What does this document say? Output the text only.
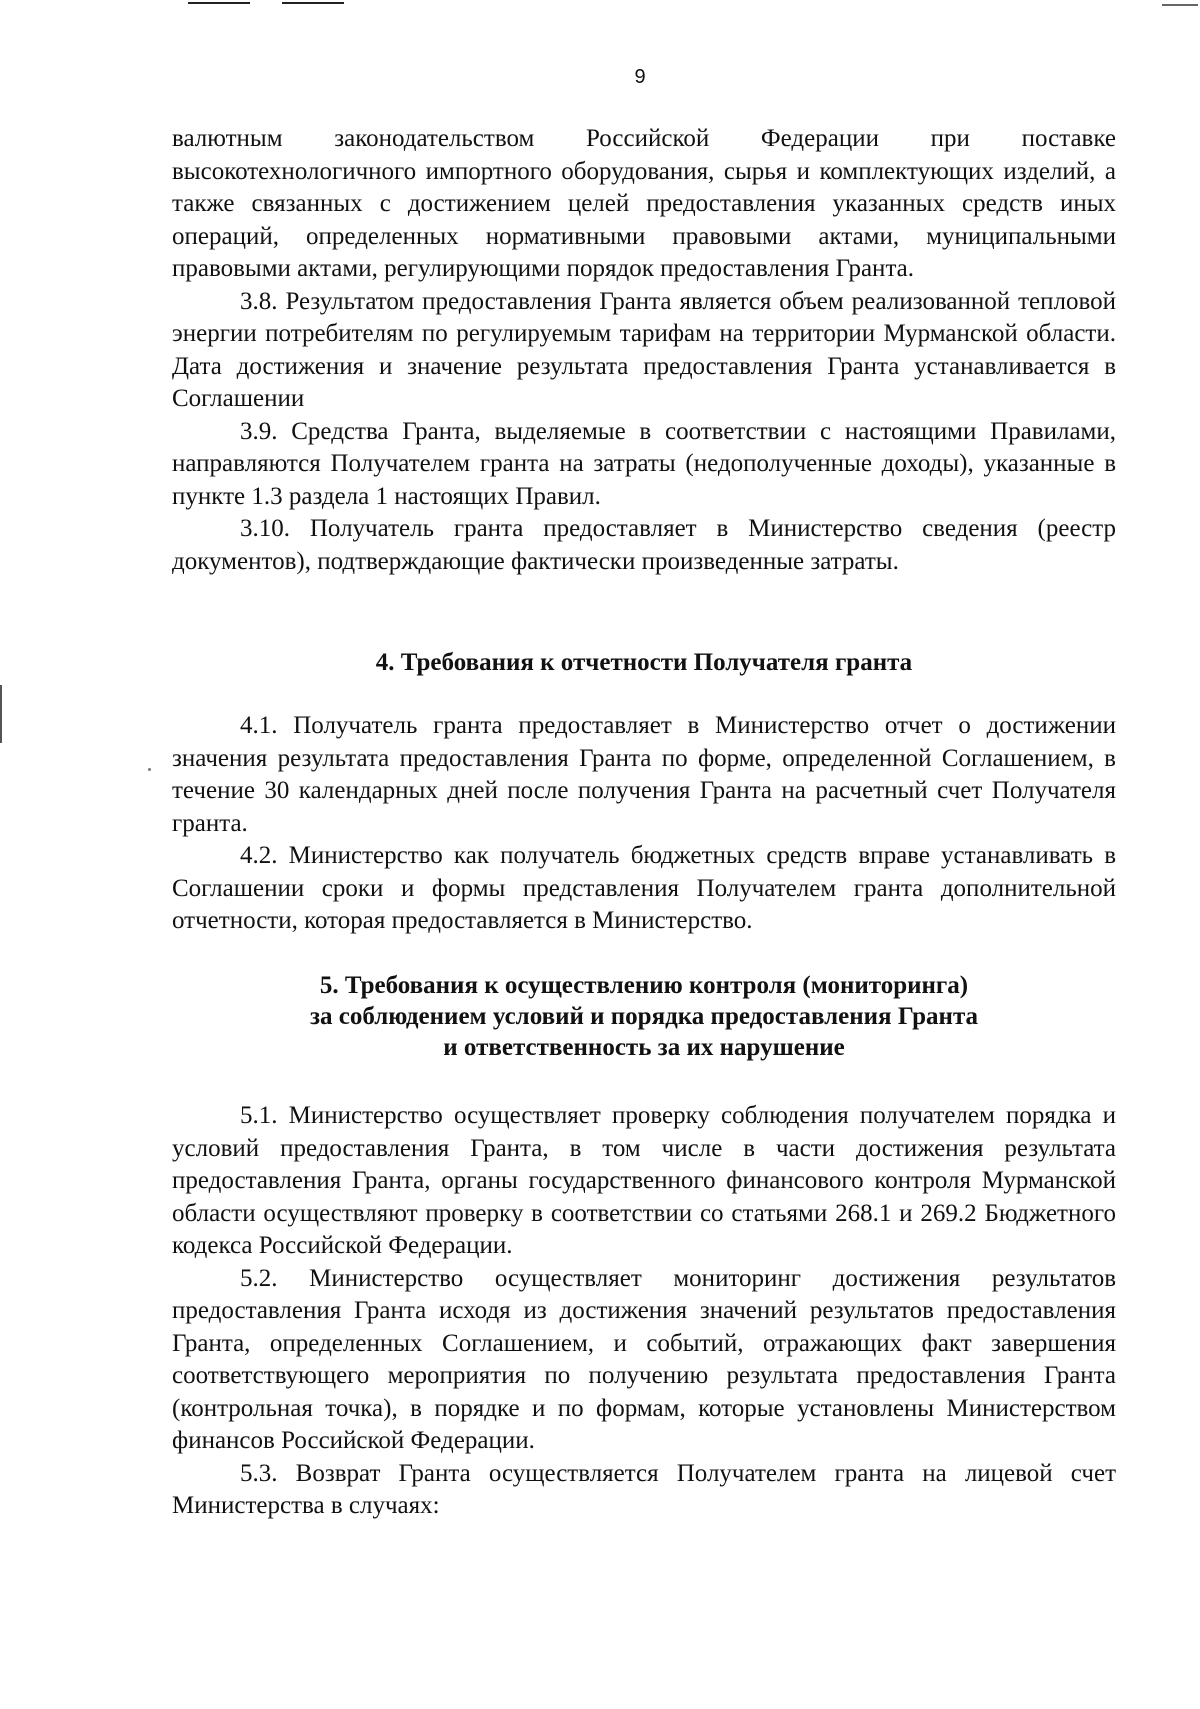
9

валютным законодательством Российской Федерации при поставке высокотехнологичного импортного оборудования, сырья и комплектующих изделий, а также связанных с достижением целей предоставления указанных средств иных операций, определенных нормативными правовыми актами, муниципальными правовыми актами, регулирующими порядок предоставления Гранта.

3.8. Результатом предоставления Гранта является объем реализованной тепловой энергии потребителям по регулируемым тарифам на территории Мурманской области. Дата достижения и значение результата предоставления Гранта устанавливается в Соглашении

3.9. Средства Гранта, выделяемые в соответствии с настоящими Правилами, направляются Получателем гранта на затраты (недополученные доходы), указанные в пункте 1.3 раздела 1 настоящих Правил.

3.10. Получатель гранта предоставляет в Министерство сведения (реестр документов), подтверждающие фактически произведенные затраты.

4. Требования к отчетности Получателя гранта

4.1. Получатель гранта предоставляет в Министерство отчет о достижении значения результата предоставления Гранта по форме, определенной Соглашением, в течение 30 календарных дней после получения Гранта на расчетный счет Получателя гранта.

4.2. Министерство как получатель бюджетных средств вправе устанавливать в Соглашении сроки и формы представления Получателем гранта дополнительной отчетности, которая предоставляется в Министерство.

5. Требования к осуществлению контроля (мониторинга)
за соблюдением условий и порядка предоставления Гранта
и ответственность за их нарушение

5.1. Министерство осуществляет проверку соблюдения получателем порядка и условий предоставления Гранта, в том числе в части достижения результата предоставления Гранта, органы государственного финансового контроля Мурманской области осуществляют проверку в соответствии со статьями 268.1 и 269.2 Бюджетного кодекса Российской Федерации.

5.2. Министерство осуществляет мониторинг достижения результатов предоставления Гранта исходя из достижения значений результатов предоставления Гранта, определенных Соглашением, и событий, отражающих факт завершения соответствующего мероприятия по получению результата предоставления Гранта (контрольная точка), в порядке и по формам, которые установлены Министерством финансов Российской Федерации.

5.3. Возврат Гранта осуществляется Получателем гранта на лицевой счет Министерства в случаях:
